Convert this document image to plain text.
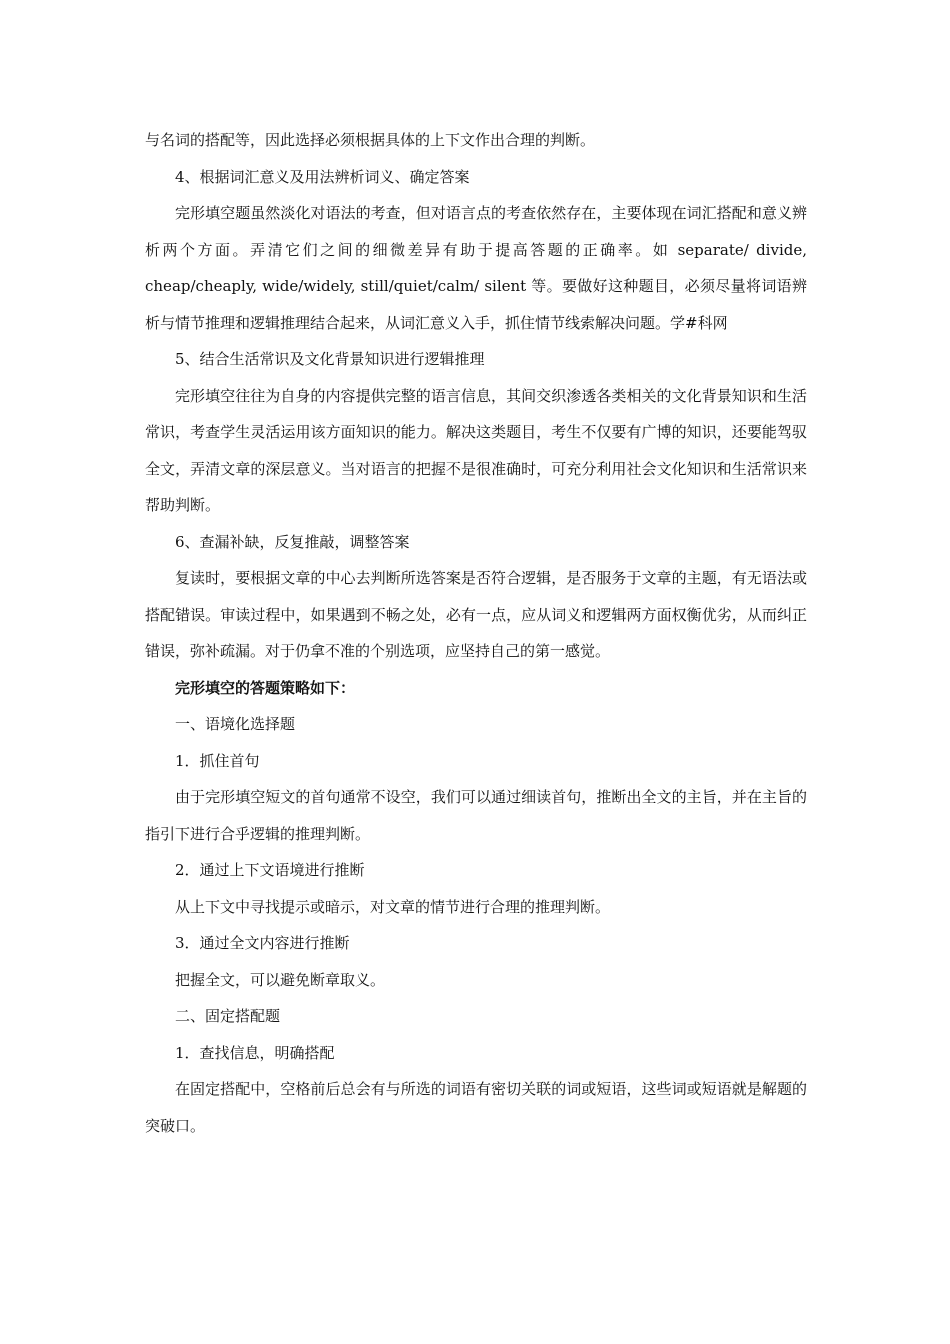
与名词的搭配等，因此选择必须根据具体的上下文作出合理的判断。

4、根据词汇意义及用法辨析词义、确定答案

完形填空题虽然淡化对语法的考查，但对语言点的考查依然存在，主要体现在词汇搭配和意义辨析两个方面。弄清它们之间的细微差异有助于提高答题的正确率。如 separate/ divide, cheap/cheaply, wide/widely, still/quiet/calm/ silent 等。要做好这种题目，必须尽量将词语辨析与情节推理和逻辑推理结合起来，从词汇意义入手，抓住情节线索解决问题。学#科网

5、结合生活常识及文化背景知识进行逻辑推理

完形填空往往为自身的内容提供完整的语言信息，其间交织渗透各类相关的文化背景知识和生活常识，考查学生灵活运用该方面知识的能力。解决这类题目，考生不仅要有广博的知识，还要能驾驭全文，弄清文章的深层意义。当对语言的把握不是很准确时，可充分利用社会文化知识和生活常识来帮助判断。

6、查漏补缺，反复推敲，调整答案

复读时，要根据文章的中心去判断所选答案是否符合逻辑，是否服务于文章的主题，有无语法或搭配错误。审读过程中，如果遇到不畅之处，必有一点，应从词义和逻辑两方面权衡优劣，从而纠正错误，弥补疏漏。对于仍拿不准的个别选项，应坚持自己的第一感觉。

完形填空的答题策略如下：

一、语境化选择题

1．抓住首句

由于完形填空短文的首句通常不设空，我们可以通过细读首句，推断出全文的主旨，并在主旨的指引下进行合乎逻辑的推理判断。

2．通过上下文语境进行推断

从上下文中寻找提示或暗示，对文章的情节进行合理的推理判断。

3．通过全文内容进行推断

把握全文，可以避免断章取义。

二、固定搭配题

1．查找信息，明确搭配

在固定搭配中，空格前后总会有与所选的词语有密切关联的词或短语，这些词或短语就是解题的突破口。
